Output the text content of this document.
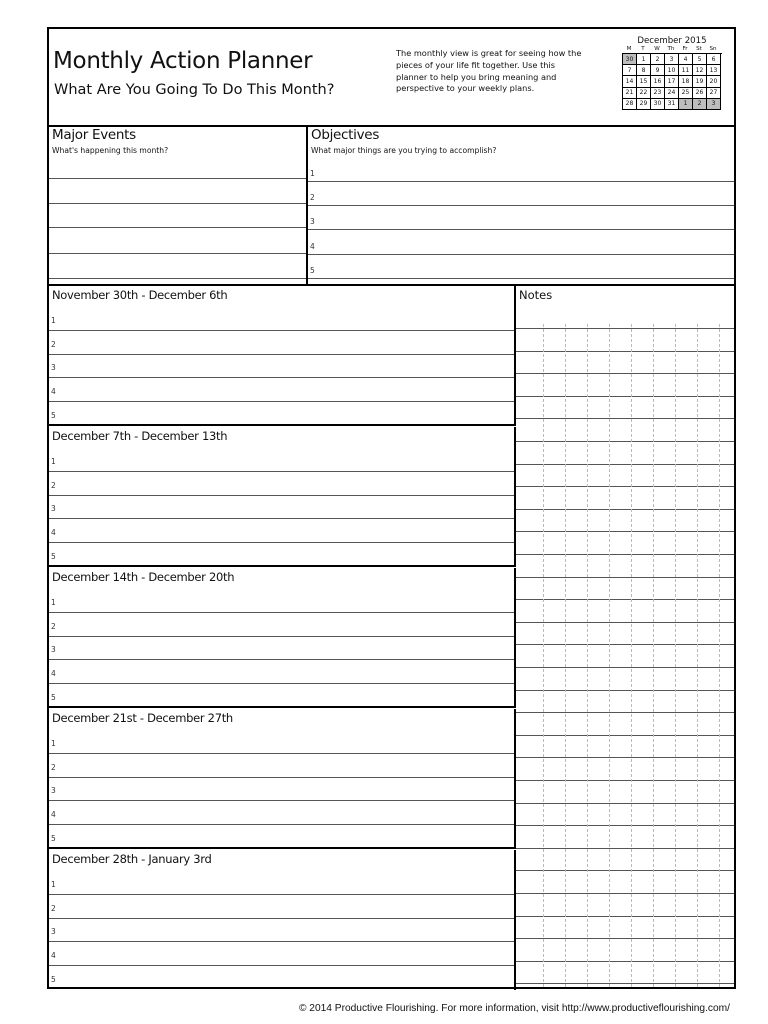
Monthly Action Planner
What Are You Going To Do This Month?
The monthly view is great for seeing how the pieces of your life fit together. Use this planner to help you bring meaning and perspective to your weekly plans.
December 2015
M	T	W	Th	Fr	St	Sn
30	1	2	3	4	5	6
7	8	9	10	11	12	13
14	15	16	17	18	19	20
21	22	23	24	25	26	27
28	29	30	31	1	2	3
Major Events
What's happening this month?
Objectives
What major things are you trying to accomplish?
1
2
3
4
5
November 30th - December 6th
1
2
3
4
5
December 7th - December 13th
1
2
3
4
5
December 14th - December 20th
1
2
3
4
5
December 21st - December 27th
1
2
3
4
5
December 28th - January 3rd
1
2
3
4
5
Notes
© 2014 Productive Flourishing. For more information, visit http://www.productiveflourishing.com/
